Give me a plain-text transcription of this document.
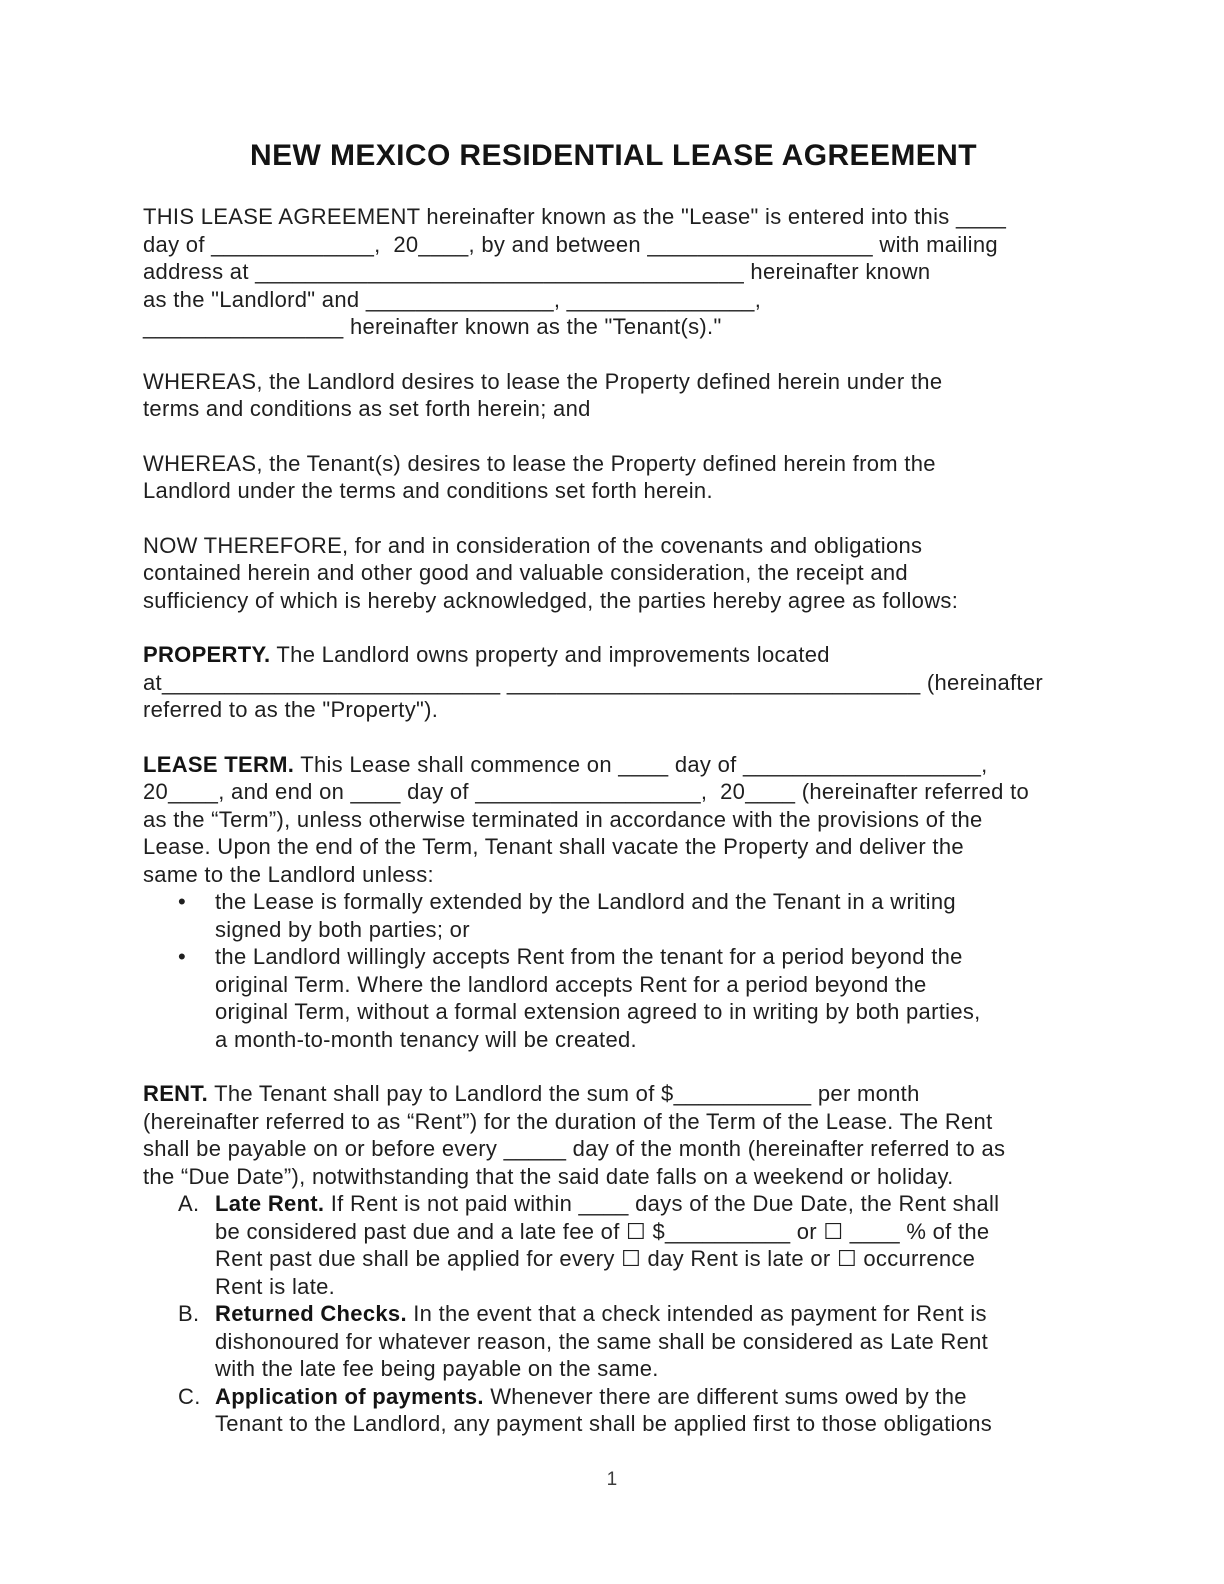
NEW MEXICO RESIDENTIAL LEASE AGREEMENT

THIS LEASE AGREEMENT hereinafter known as the "Lease" is entered into this ____
day of _____________,  20____, by and between __________________ with mailing
address at _______________________________________ hereinafter known
as the "Landlord" and _______________, _______________,
________________ hereinafter known as the "Tenant(s)."

WHEREAS, the Landlord desires to lease the Property defined herein under the
terms and conditions as set forth herein; and

WHEREAS, the Tenant(s) desires to lease the Property defined herein from the
Landlord under the terms and conditions set forth herein.

NOW THEREFORE, for and in consideration of the covenants and obligations
contained herein and other good and valuable consideration, the receipt and
sufficiency of which is hereby acknowledged, the parties hereby agree as follows:

PROPERTY. The Landlord owns property and improvements located
at___________________________ _________________________________ (hereinafter
referred to as the "Property").

LEASE TERM. This Lease shall commence on ____ day of ___________________,
20____, and end on ____ day of __________________,  20____ (hereinafter referred to
as the “Term”), unless otherwise terminated in accordance with the provisions of the
Lease. Upon the end of the Term, Tenant shall vacate the Property and deliver the
same to the Landlord unless:

•	the Lease is formally extended by the Landlord and the Tenant in a writing
signed by both parties; or
•	the Landlord willingly accepts Rent from the tenant for a period beyond the
original Term. Where the landlord accepts Rent for a period beyond the
original Term, without a formal extension agreed to in writing by both parties,
a month-to-month tenancy will be created.

RENT. The Tenant shall pay to Landlord the sum of $___________ per month
(hereinafter referred to as “Rent”) for the duration of the Term of the Lease. The Rent
shall be payable on or before every _____ day of the month (hereinafter referred to as
the “Due Date”), notwithstanding that the said date falls on a weekend or holiday.

A. Late Rent. If Rent is not paid within ____ days of the Due Date, the Rent shall
be considered past due and a late fee of ☐ $__________ or ☐ ____ % of the
Rent past due shall be applied for every ☐ day Rent is late or ☐ occurrence
Rent is late.
B. Returned Checks. In the event that a check intended as payment for Rent is
dishonoured for whatever reason, the same shall be considered as Late Rent
with the late fee being payable on the same.
C. Application of payments. Whenever there are different sums owed by the
Tenant to the Landlord, any payment shall be applied first to those obligations
1
